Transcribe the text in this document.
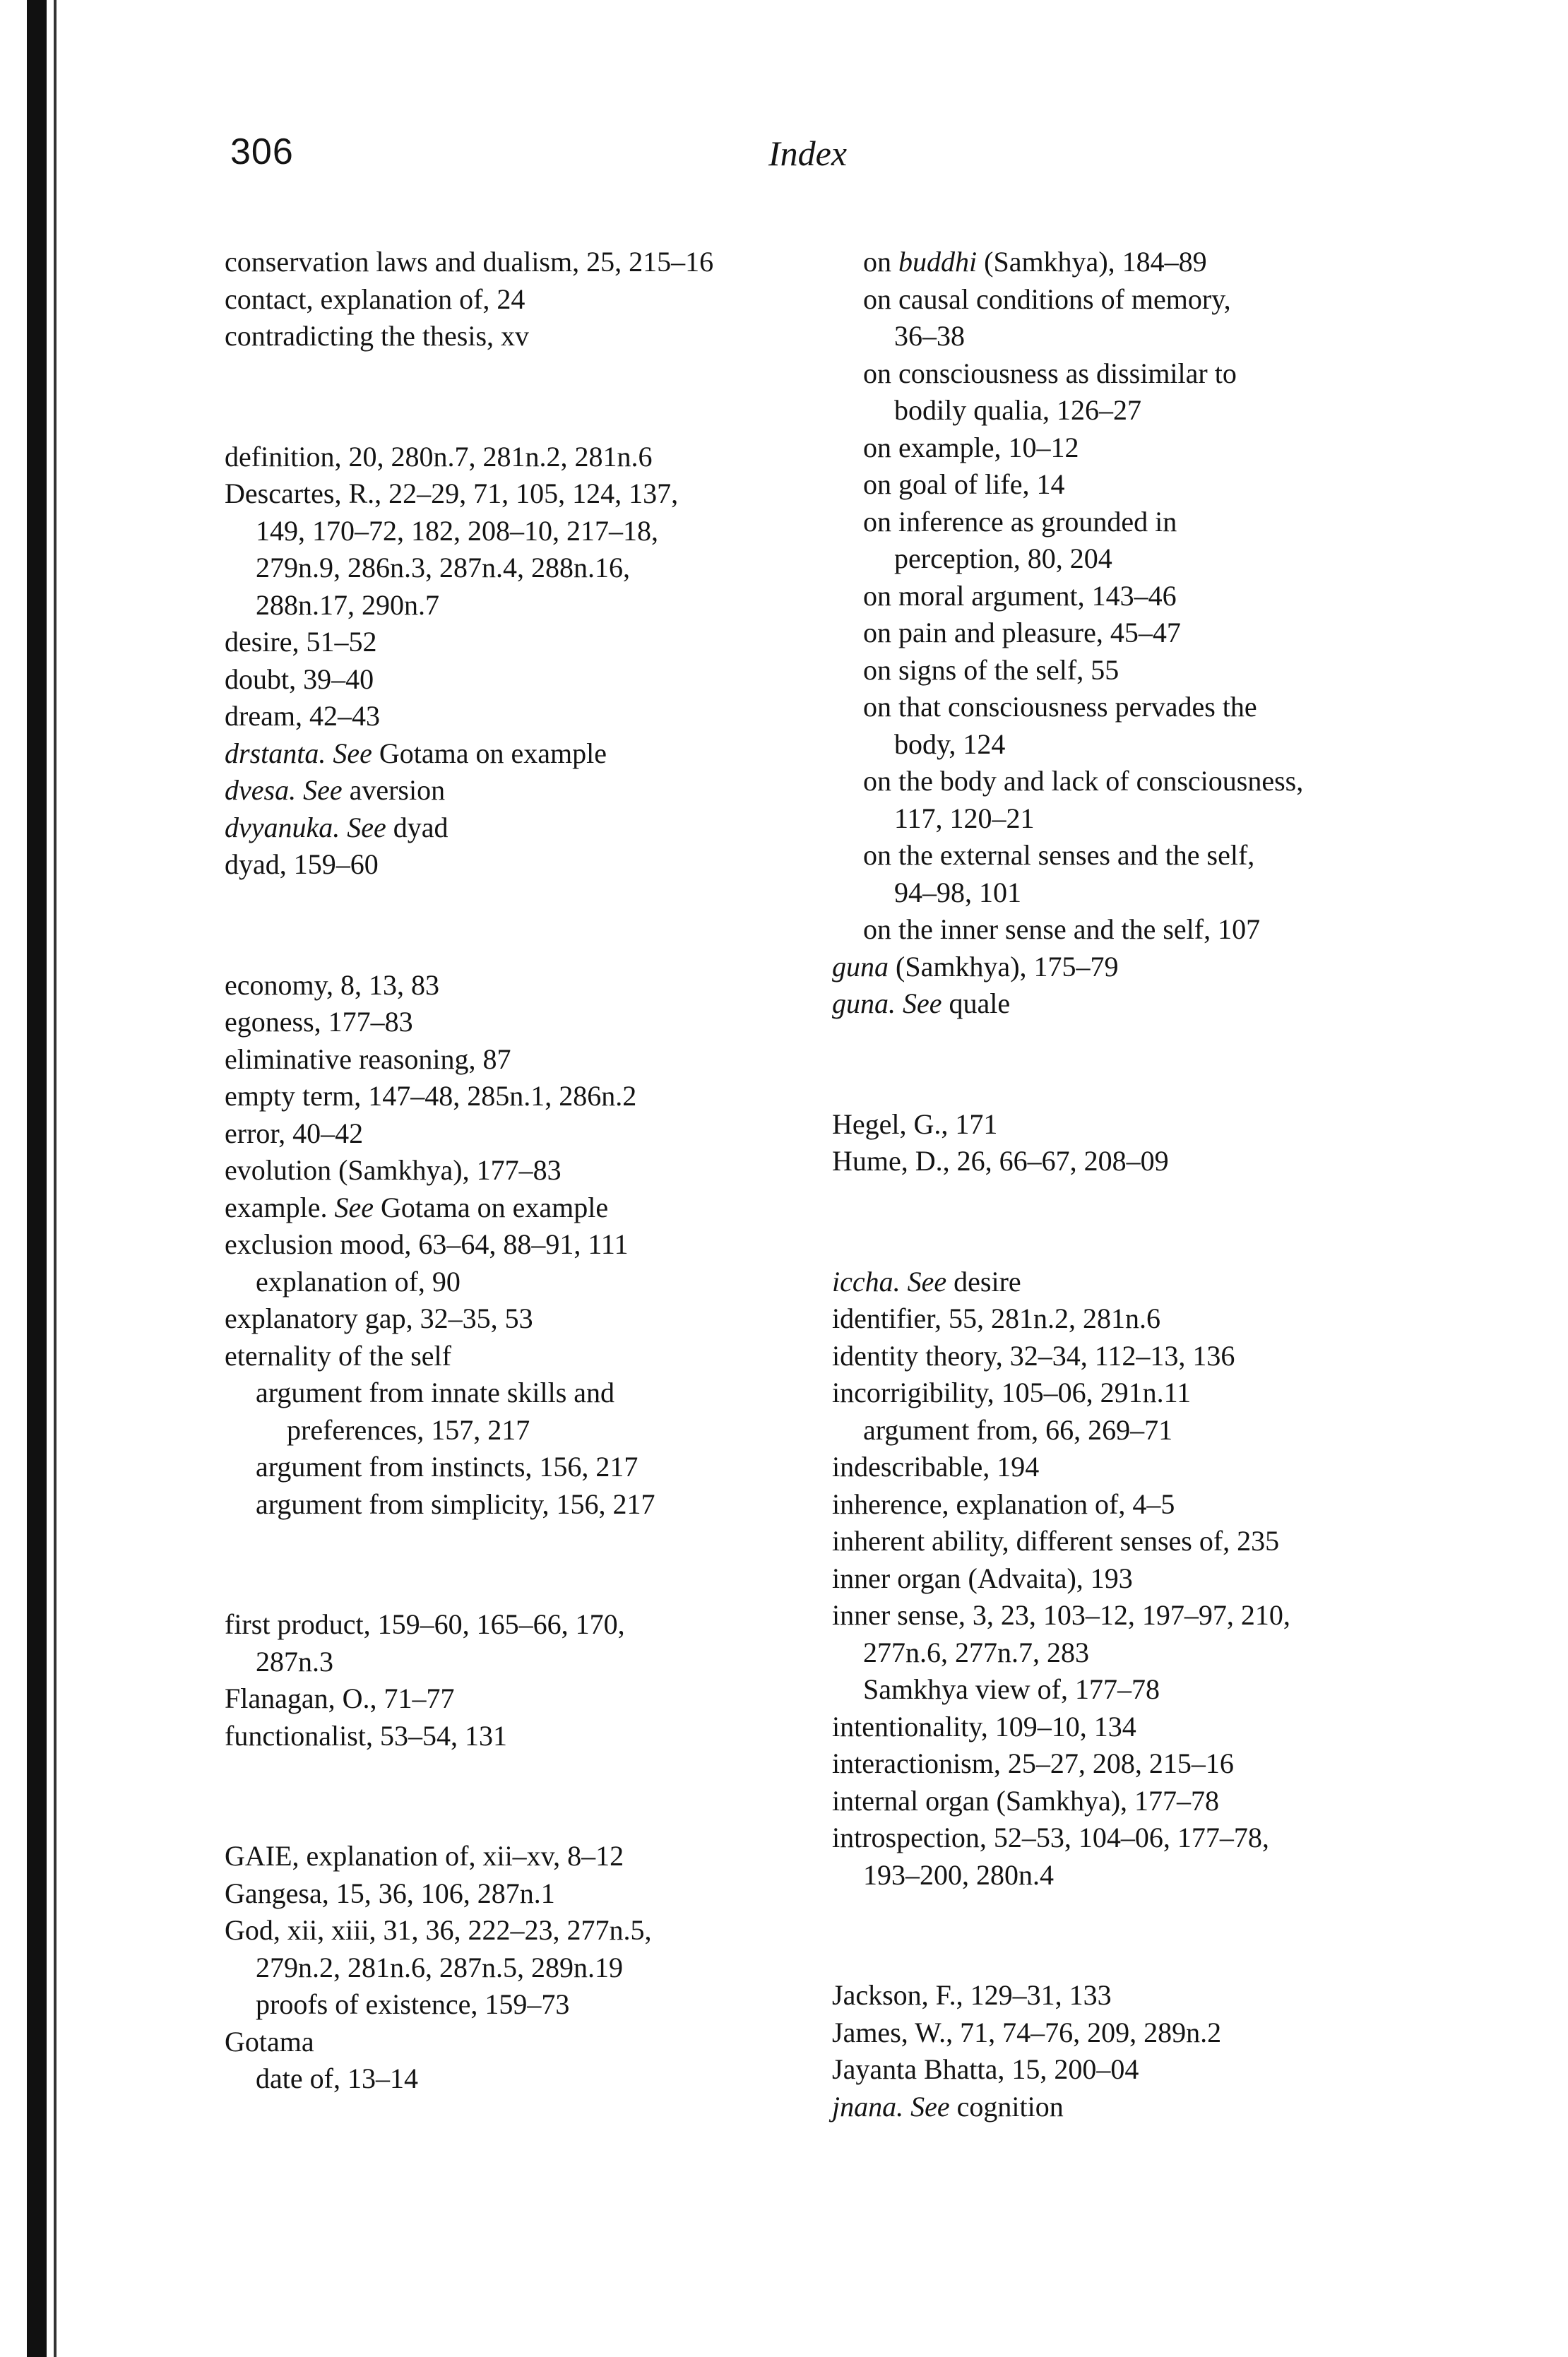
306	Index
conservation laws and dualism, 25, 215–16
contact, explanation of, 24
contradicting the thesis, xv
definition, 20, 280n.7, 281n.2, 281n.6
Descartes, R., 22–29, 71, 105, 124, 137,
149, 170–72, 182, 208–10, 217–18,
279n.9, 286n.3, 287n.4, 288n.16,
288n.17, 290n.7
desire, 51–52
doubt, 39–40
dream, 42–43
drstanta. See Gotama on example
dvesa. See aversion
dvyanuka. See dyad
dyad, 159–60
economy, 8, 13, 83
egoness, 177–83
eliminative reasoning, 87
empty term, 147–48, 285n.1, 286n.2
error, 40–42
evolution (Samkhya), 177–83
example. See Gotama on example
exclusion mood, 63–64, 88–91, 111
explanation of, 90
explanatory gap, 32–35, 53
eternality of the self
argument from innate skills and
preferences, 157, 217
argument from instincts, 156, 217
argument from simplicity, 156, 217
first product, 159–60, 165–66, 170,
287n.3
Flanagan, O., 71–77
functionalist, 53–54, 131
GAIE, explanation of, xii–xv, 8–12
Gangesa, 15, 36, 106, 287n.1
God, xii, xiii, 31, 36, 222–23, 277n.5,
279n.2, 281n.6, 287n.5, 289n.19
proofs of existence, 159–73
Gotama
date of, 13–14
on buddhi (Samkhya), 184–89
on causal conditions of memory,
36–38
on consciousness as dissimilar to
bodily qualia, 126–27
on example, 10–12
on goal of life, 14
on inference as grounded in
perception, 80, 204
on moral argument, 143–46
on pain and pleasure, 45–47
on signs of the self, 55
on that consciousness pervades the
body, 124
on the body and lack of consciousness,
117, 120–21
on the external senses and the self,
94–98, 101
on the inner sense and the self, 107
guna (Samkhya), 175–79
guna. See quale
Hegel, G., 171
Hume, D., 26, 66–67, 208–09
iccha. See desire
identifier, 55, 281n.2, 281n.6
identity theory, 32–34, 112–13, 136
incorrigibility, 105–06, 291n.11
argument from, 66, 269–71
indescribable, 194
inherence, explanation of, 4–5
inherent ability, different senses of, 235
inner organ (Advaita), 193
inner sense, 3, 23, 103–12, 197–97, 210,
277n.6, 277n.7, 283
Samkhya view of, 177–78
intentionality, 109–10, 134
interactionism, 25–27, 208, 215–16
internal organ (Samkhya), 177–78
introspection, 52–53, 104–06, 177–78,
193–200, 280n.4
Jackson, F., 129–31, 133
James, W., 71, 74–76, 209, 289n.2
Jayanta Bhatta, 15, 200–04
jnana. See cognition
